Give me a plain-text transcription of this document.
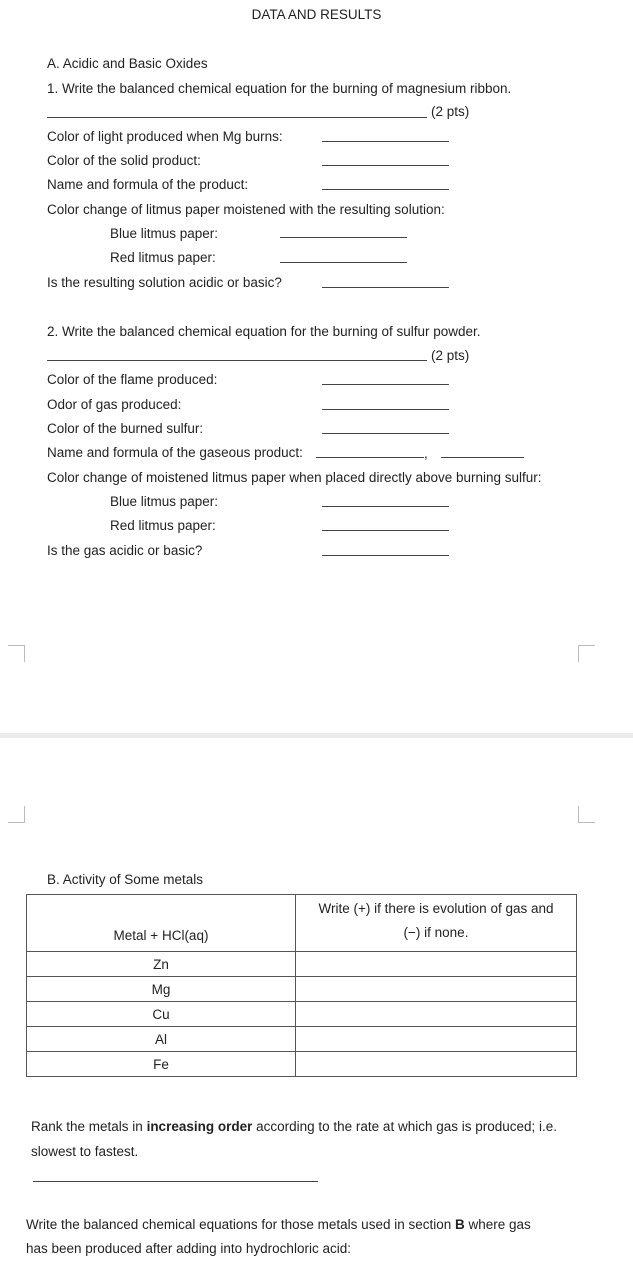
DATA AND RESULTS
A. Acidic and Basic Oxides
1. Write the balanced chemical equation for the burning of magnesium ribbon.
(2 pts)
Color of light produced when Mg burns:
Color of the solid product:
Name and formula of the product:
Color change of litmus paper moistened with the resulting solution:
Blue litmus paper:
Red litmus paper:
Is the resulting solution acidic or basic?
2. Write the balanced chemical equation for the burning of sulfur powder.
(2 pts)
Color of the flame produced:
Odor of gas produced:
Color of the burned sulfur:
Name and formula of the gaseous product:	,
Color change of moistened litmus paper when placed directly above burning sulfur:
Blue litmus paper:
Red litmus paper:
Is the gas acidic or basic?
B. Activity of Some metals
Metal + HCl(aq)	Write (+) if there is evolution of gas and
(−) if none.

Zn	
Mg	
Cu	
Al	
Fe	
Rank the metals in increasing order according to the rate at which gas is produced; i.e.
slowest to fastest.
Write the balanced chemical equations for those metals used in section B where gas
has been produced after adding into hydrochloric acid:
